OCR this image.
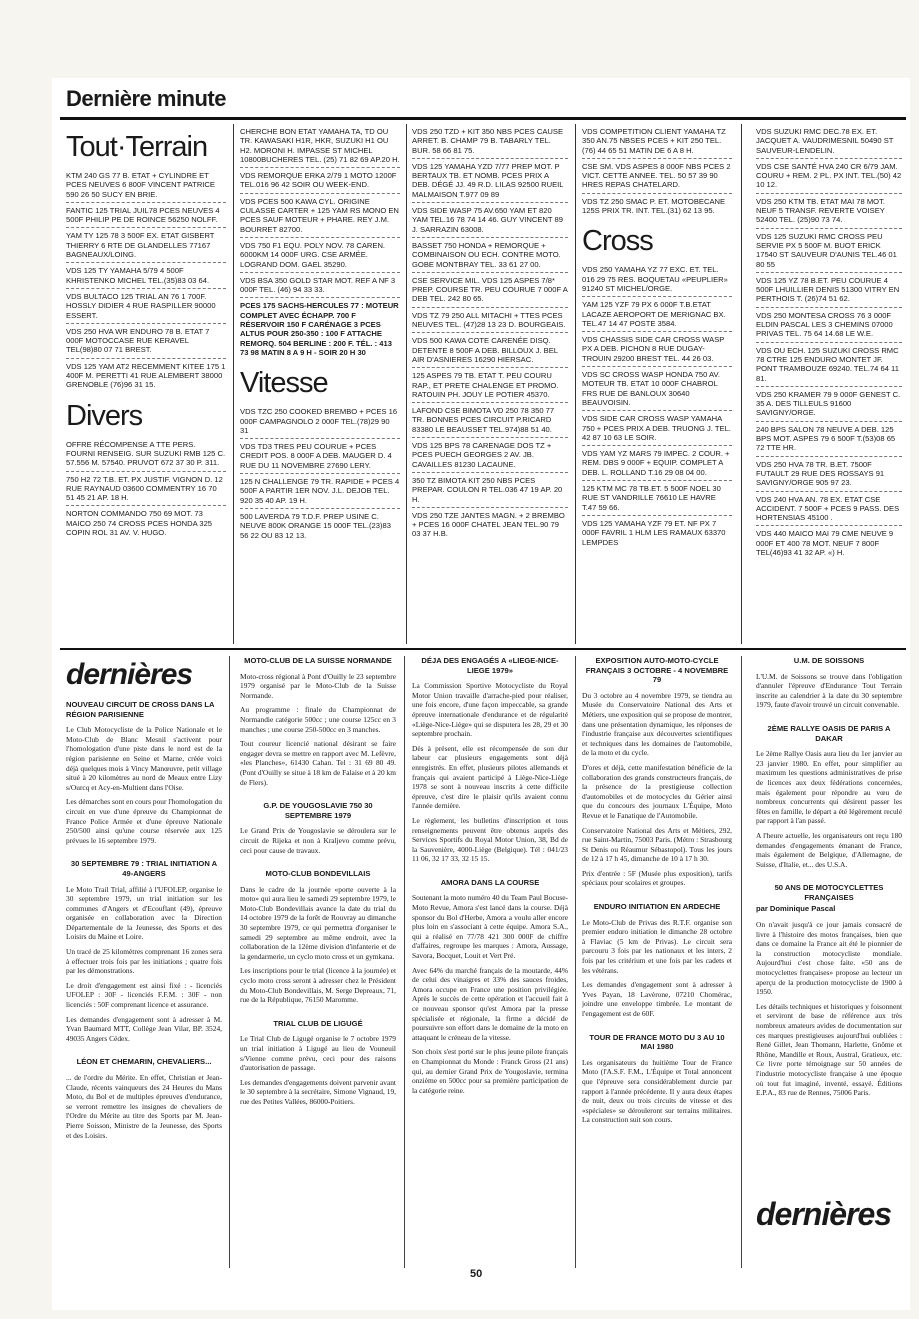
Dernière minute
Tout·Terrain
KTM 240 GS 77 B. ETAT + CYLINDRE ET PCES NEUVES 6 800F VINCENT PATRICE 590 26 50 SUCY EN BRIE.
FANTIC 125 TRIAL JUIL78 PCES NEUVES 4 500F PHILIP PE DE ROINCE 56250 NOLFF.
YAM TY 125 78 3 500F EX. ETAT GISBERT THIERRY 6 RTE DE GLANDELLES 77167 BAGNEAUX/LOING.
VDS 125 TY YAMAHA 5/79 4 500F KHRISTENKO MICHEL TEL.(35)83 03 64.
VDS BULTACO 125 TRIAL AN 76 1 700F. HOSSLY DIDIER 4 RUE RASPILLER 90000 ESSERT.
VDS 250 HVA WR ENDURO 78 B. ETAT 7 000F MOTOCCASE RUE KERAVEL TEL(98)80 07 71 BREST.
VDS 125 YAM AT2 RECEMMENT KITEE 175 1 400F M. PERETTI 41 RUE ALEMBERT 38000 GRENOBLE (76)96 31 15.
Divers
OFFRE RÉCOMPENSE A TTE PERS. FOURNI RENSEIG. SUR SUZUKI RMB 125 C. 57.556 M. 57540. PRUVOT 672 37 30 P. 311.
750 H2 72 T.B. ET. PX JUSTIF. VIGNON D. 12 RUE RAYNAUD 03600 COMMENTRY 16 70 51 45 21 AP. 18 H.
NORTON COMMANDO 750 69 MOT. 73 MAICO 250 74 CROSS PCES HONDA 325 COPIN ROL 31 AV. V. HUGO.
CHERCHE BON ETAT YAMAHA TA, TD OU TR. KAWASAKI H1R, HKR, SUZUKI H1 OU H2. MORONI H. IMPASSE ST MICHEL 10800BUCHERES TEL. (25) 71 82 69 AP.20 H.
VDS REMORQUE ERKA 2/79 1 MOTO 1200F TEL.016 96 42 SOIR OU WEEK-END.
VDS PCES 500 KAWA CYL. ORIGINE CULASSE CARTER + 125 YAM RS MONO EN PCES SAUF MOTEUR + PHARE. REY J.M. BOURRET 82700.
VDS 750 F1 EQU. POLY NOV. 78 CAREN. 6000KM 14 000F URG. CSE ARMÉE. LOGRAND DOM. GAEL 35290.
VDS BSA 350 GOLD STAR MOT. REF A NF 3 000F TEL. (46) 94 33 33.
PCES 175 SACHS-HERCULES 77 : MOTEUR COMPLET AVEC ÉCHAPP. 700 F RÉSERVOIR 150 F CARÉNAGE 3 PCES ALTUS POUR 250-350 : 100 F ATTACHE REMORQ. 504 BERLINE : 200 F. TÉL. : 413 73 98 MATIN 8 A 9 H - SOIR 20 H 30
Vitesse
VDS TZC 250 COOKED BREMBO + PCES 16 000F CAMPAGNOLO 2 000F TEL.(78)29 90 31
VDS TD3 TRES PEU COURUE + PCES CREDIT POS. 8 000F A DEB. MAUGER D. 4 RUE DU 11 NOVEMBRE 27690 LERY.
125 N CHALLENGE 79 TR. RAPIDE + PCES 4 500F A PARTIR 1ER NOV. J.L. DEJOB TEL. 920 35 40 AP. 19 H.
500 LAVERDA 79 T.D.F. PREP USINE C. NEUVE 800K ORANGE 15 000F TEL.(23)83 56 22 OU 83 12 13.
VDS 250 TZD + KIT 350 NBS PCES CAUSE ARRET. B. CHAMP 79 B. TABARLY TEL. BUR. 58 66 81 75.
VDS 125 YAMAHA YZD 7/77 PREP MOT. P BERTAUX TB. ET NOMB. PCES PRIX A DEB. DÉGÉ JJ. 49 R.D. LILAS 92500 RUEIL MALMAISON T.977 09 89
VDS SIDE WASP 75 AV.650 YAM ET 820 YAM TEL.16 78 74 14 46. GUY VINCENT 89 J. SARRAZIN 63008.
BASSET 750 HONDA + REMORQUE + COMBINAISON OU ECH. CONTRE MOTO. GOBE MONTBRAY TEL. 33 61 27 00.
CSE SERVICE MIL. VDS 125 ASPES 7/8* PREP. COURSE TR. PEU COURUE 7 000F A DEB TEL. 242 80 65.
VDS TZ 79 250 ALL MITACHI + TTES PCES NEUVES TEL. (47)28 13 23 D. BOURGEAIS.
VDS 500 KAWA COTE CARENÉE DISQ. DETENTE 8 500F A DEB. BILLOUX J. BEL AIR D'ASNIERES 16290 HIERSAC.
125 ASPES 79 TB. ETAT T. PEU COURU RAP., ET PRETE CHALENGE ET PROMO. RATOUIN PH. JOUY LE POTIER 45370.
LAFOND CSE BIMOTA VD 250 78 350 77 TR. BONNES PCES CIRCUIT P.RICARD 83380 LE BEAUSSET TEL.974)88 51 40.
VDS 125 BPS 78 CARENAGE DOS TZ + PCES PUECH GEORGES 2 AV. JB. CAVAILLES 81230 LACAUNE.
350 TZ BIMOTA KIT 250 NBS PCES PREPAR. COULON R TEL.036 47 19 AP. 20 H.
VDS 250 TZE JANTES MAGN. + 2 BREMBO + PCES 16 000F CHATEL JEAN TEL.90 79 03 37 H.B.
VDS COMPETITION CLIENT YAMAHA TZ 350 AN.75 NBSES PCES + KIT 250 TEL.(76) 44 65 51 MATIN DE 6 A 8 H.
CSE SM. VDS ASPES 8 000F NBS PCES 2 VICT. CETTE ANNEE. TEL. 50 57 39 90 HRES REPAS CHATELARD.
VDS TZ 250 SMAC P. ET. MOTOBECANE 125S PRIX TR. INT. TEL.(31) 62 13 95.
Cross
VDS 250 YAMAHA YZ 77 EXC. ET. TEL. 016 29 75 RES. BOQUETAU «PEUPLIER» 91240 ST MICHEL/ORGE.
YAM 125 YZF 79 PX 6 000F T.B.ETAT LACAZE AEROPORT DE MERIGNAC BX. TEL.47 14 47 POSTE 3584.
VDS CHASSIS SIDE CAR CROSS WASP PX A DEB. PICHON 8 RUE DUGAY-TROUIN 29200 BREST TEL. 44 26 03.
VDS SC CROSS WASP HONDA 750 AV. MOTEUR TB. ETAT 10 000F CHABROL FRS RUE DE BANLOUX 30640 BEAUVOISIN.
VDS SIDE CAR CROSS WASP YAMAHA 750 + PCES PRIX A DEB. TRUONG J. TEL. 42 87 10 63 LE SOIR.
VDS YAM YZ MARS 79 IMPEC. 2 COUR. + REM. DBS 9 000F + EQUIP. COMPLET A DEB. L. ROLLAND T.16 29 08 04 00.
125 KTM MC 78 TB.ET. 5 500F NOEL 30 RUE ST VANDRILLE 76610 LE HAVRE T.47 59 66.
VDS 125 YAMAHA YZF 79 ET. NF PX 7 000F FAVRIL 1 HLM LES RAMAUX 63370 LEMPDES
VDS SUZUKI RMC DEC.78 EX. ET. JACQUET A. VAUDRIMESNIL 50490 ST SAUVEUR-LENDELIN.
VDS CSE SANTÉ HVA 240 CR 6/79 JAM. COURU + REM. 2 PL. PX INT. TEL.(50) 42 10 12.
VDS 250 KTM TB. ETAT MAI 78 MOT. NEUF 5 TRANSF. REVERTE VOISEY 52400 TEL. (25)90 73 74.
VDS 125 SUZUKI RMC CROSS PEU SERVIE PX 5 500F M. BUOT ERICK 17540 ST SAUVEUR D'AUNIS TEL.46 01 80 55
VDS 125 YZ 78 B.ET. PEU COURUE 4 500F LHUILLIER DENIS 51300 VITRY EN PERTHOIS T. (26)74 51 62.
VDS 250 MONTESA CROSS 76 3 000F ELDIN PASCAL LES 3 CHEMINS 07000 PRIVAS TEL. 75 64 14.68 LE W.E.
VDS OU ECH. 125 SUZUKI CROSS RMC 78 CTRE 125 ENDURO MONTET JF. PONT TRAMBOUZE 69240. TEL.74 64 11 81.
VDS 250 KRAMER 79 9 000F GENEST C. 35 A. DES TILLEULS 91600 SAVIGNY/ORGE.
240 BPS SALON 78 NEUVE A DEB. 125 BPS MOT. ASPES 79 6 500F T.(53)08 65 72 TTE HR.
VDS 250 HVA 78 TR. B.ET. 7500F FUTAULT 29 RUE DES ROSSAYS 91 SAVIGNY/ORGE 905 97 23.
VDS 240 HVA AN. 78 EX. ETAT CSE ACCIDENT. 7 500F + PCES 9 PASS. DES HORTENSIAS 45100 .
VDS 440 MAICO MAI 79 CME NEUVE 9 000F ET 400 78 MOT. NEUF 7 800F TEL(46)93 41 32 AP. «) H.
dernières
NOUVEAU CIRCUIT DE CROSS DANS LA RÉGION PARISIENNE

Le Club Motocycliste de la Police Nationale et le Moto-Club de Blanc Mesnil s'activent pour l'homologation d'une piste dans le nord est de la région parisienne en Seine et Marne, créée voici déjà quelques mois à Vincy Manœuvre, petit village situé à 20 kilomètres au nord de Meaux entre Lizy s/Ourcq et Acy-en-Multient dans l'Oise.

Les démarches sont en cours pour l'homologation du circuit en vue d'une épreuve du Championnat de France Police Armée et d'une épreuve Nationale 250/500 ainsi qu'une course réservée aux 125 prévues le 16 septembre 1979.

30 SEPTEMBRE 79 : TRIAL INITIATION A 49-ANGERS

Le Moto Trail Trial, affilié à l'UFOLEP, organise le 30 septembre 1979, un trial initiation sur les communes d'Angers et d'Ecouflant (49), épreuve organisée en collaboration avec la Direction Départementale de la Jeunesse, des Sports et des Loisirs du Maine et Loire.

Un tracé de 25 kilomètres comprenant 16 zones sera à effectuer trois fois par les initiations ; quatre fois par les démonstrations.

Le droit d'engagement est ainsi fixé : - licenciés UFOLEP : 30F - licenciés F.F.M. : 30F - non licenciés : 50F comprenant licence et assurance.

Les demandes d'engagement sont à adresser à M. Yvan Baumard MTT, Collège Jean Vilar, BP. 3524, 49035 Angers Cédex.

LÉON ET CHEMARIN, CHEVALIERS...

... de l'ordre du Mérite. En effet, Christian et Jean-Claude, récents vainqueurs des 24 Heures du Mans Moto, du Bol et de multiples épreuves d'endurance, se verront remettre les insignes de chevaliers de l'Ordre du Mérite au titre des Sports par M. Jean-Pierre Soisson, Ministre de la Jeunesse, des Sports et des Loisirs.

MOTO-CLUB DE LA SUISSE NORMANDE

Moto-cross régional à Pont d'Ouilly le 23 septembre 1979 organisé par le Moto-Club de la Suisse Normande.

Au programme : finale du Championnat de Normandie catégorie 500cc ; une course 125cc en 3 manches ; une course 250-500cc en 3 manches.

Tout coureur licencié national désirant se faire engager devra se mettre en rapport avec M. Lefèvre, «les Planches», 61430 Cahan. Tel : 31 69 80 49. (Pont d'Ouilly se situe à 18 km de Falaise et à 20 km de Flers).

G.P. DE YOUGOSLAVIE 750 30 SEPTEMBRE 1979

Le Grand Prix de Yougoslavie se déroulera sur le circuit de Rijeka et non à Kraljevo comme prévu, ceci pour cause de travaux.

MOTO-CLUB BONDEVILLAIS

Dans le cadre de la journée «porte ouverte à la moto» qui aura lieu le samedi 29 septembre 1979, le Moto-Club Bondevillais avance la date du trial du 14 octobre 1979 de la forêt de Rouvray au dimanche 30 septembre 1979, ce qui permettra d'organiser le samedi 29 septembre au même endroit, avec la collaboration de la 12ème division d'infanterie et de la gendarmerie, un cyclo moto cross et un gymkana.

Les inscriptions pour le trial (licence à la journée) et cyclo moto cross seront à adresser chez le Président du Moto-Club Bondevillais, M. Serge Depreaux, 71, rue de la République, 76150 Maromme.

TRIAL CLUB DE LIGUGÉ

Le Trial Club de Ligugé organise le 7 octobre 1979 un trial initiation à Ligugé au lieu de Vouneuil s/Vienne comme prévu, ceci pour des raisons d'autorisation de passage.

Les demandes d'engagements doivent parvenir avant le 30 septembre à la secrétaire, Simone Vignaud, 19, rue des Petites Vallées, 86000-Poitiers.

DÉJA DES ENGAGÉS A «LIEGE-NICE-LIEGE 1979»

La Commission Sportive Motocycliste du Royal Motor Union travaille d'arrache-pied pour réaliser, une fois encore, d'une façon impeccable, sa grande épreuve internationale d'endurance et de régularité «Liège-Nice-Liège» qui se disputera les 28, 29 et 30 septembre prochain.

Dès à présent, elle est récompensée de son dur labeur car plusieurs engagements sont déjà enregistrés. En effet, plusieurs pilotes allemands et français qui avaient participé à Liège-Nice-Liège 1978 se sont à nouveau inscrits à cette difficile épreuve, c'est dire le plaisir qu'ils avaient connu l'année dernière.

Le règlement, les bulletins d'inscription et tous renseignements peuvent être obtenus auprès des Services Sportifs du Royal Motor Union, 38, Bd de la Sauvenière, 4000-Liège (Belgique). Tél : 041/23 11 06, 32 17 33, 32 15 15.

AMORA DANS LA COURSE

Soutenant la moto numéro 40 du Team Paul Bocuse-Moto Revue, Amora s'est lancé dans la course. Déjà sponsor du Bol d'Herbe, Amora a voulu aller encore plus loin en s'associant à cette équipe. Amora S.A., qui a réalisé en 77/78 421 300 000F de chiffre d'affaires, regroupe les marques : Amora, Aussage, Savora, Bocquet, Louit et Vert Pré.

Avec 64% du marché français de la moutarde, 44% de celui des vinaigres et 33% des sauces froides, Amora occupe en France une position privilégiée. Après le succès de cette opération et l'accueil fait à ce nouveau sponsor qu'est Amora par la presse spécialisée et régionale, la firme a décidé de poursuivre son effort dans le domaine de la moto en attaquant le créneau de la vitesse.

Son choix s'est porté sur le plus jeune pilote français en Championnat du Monde : Franck Gross (21 ans) qui, au dernier Grand Prix de Yougoslavie, termina onzième en 500cc pour sa première participation de la catégorie reine.

EXPOSITION AUTO-MOTO-CYCLE FRANÇAIS 3 OCTOBRE - 4 NOVEMBRE 79

Du 3 octobre au 4 novembre 1979, se tiendra au Musée du Conservatoire National des Arts et Métiers, une exposition qui se propose de montrer, dans une présentation dynamique, les réponses de l'industrie française aux découvertes scientifiques et techniques dans les domaines de l'automobile, de la moto et du cycle.

D'ores et déjà, cette manifestation bénéficie de la collaboration des grands constructeurs français, de la présence de la prestigieuse collection d'automobiles et de motocycles du Gérier ainsi que du concours des journaux L'Équipe, Moto Revue et le Fanatique de l'Automobile.

Conservatoire National des Arts et Métiers, 292, rue Saint-Martin, 75003 Paris. (Métro : Strasbourg St Denis ou Réaumur Sébastopol). Tous les jours de 12 à 17 h 45, dimanche de 10 à 17 h 30.

Prix d'entrée : 5F (Musée plus exposition), tarifs spéciaux pour scolaires et groupes.

ENDURO INITIATION EN ARDECHE

Le Moto-Club de Privas des R.T.F. organise son premier enduro initiation le dimanche 28 octobre à Flaviac (5 km de Privas). Le circuit sera parcouru 3 fois par les nationaux et les inters, 2 fois par les critérium et une fois par les cadets et les vétérans.

Les demandes d'engagement sont à adresser à Yves Payan, 18 Lavèrone, 07210 Chomérac, joindre une enveloppe timbrée. Le montant de l'engagement est de 60F.

TOUR DE FRANCE MOTO DU 3 AU 10 MAI 1980

Les organisateurs du huitième Tour de France Moto (l'A.S.F. F.M., L'Équipe et Total annoncent que l'épreuve sera considérablement durcie par rapport à l'année précédente. Il y aura deux étapes de nuit, deux ou trois circuits de vitesse et des «spéciales» se dérouleront sur terrains militaires. La construction suit son cours.

U.M. DE SOISSONS

L'U.M. de Soissons se trouve dans l'obligation d'annuler l'épreuve d'Endurance Tout Terrain inscrite au calendrier à la date du 30 septembre 1979, faute d'avoir trouvé un circuit convenable.

2ÈME RALLYE OASIS DE PARIS A DAKAR

Le 2ème Rallye Oasis aura lieu du 1er janvier au 23 janvier 1980. En effet, pour simplifier au maximum les questions administratives de prise de licences aux deux fédérations concernées, mais également pour répondre au vœu de nombreux concurrents qui désirent passer les fêtes en famille, le départ a été légèrement reculé par rapport à l'an passé.

A l'heure actuelle, les organisateurs ont reçu 180 demandes d'engagements émanant de France, mais également de Belgique, d'Allemagne, de Suisse, d'Italie, et... des U.S.A.

50 ANS DE MOTOCYCLETTES FRANÇAISES
par Dominique Pascal

On n'avait jusqu'à ce jour jamais consacré de livre à l'histoire des motos françaises, bien que dans ce domaine la France ait été le pionnier de la construction motocycliste mondiale. Aujourd'hui c'est chose faite. «50 ans de motocyclettes françaises» propose au lecteur un aperçu de la production motocycliste de 1900 à 1950.

Les détails techniques et historiques y foisonnent et serviront de base de référence aux très nombreux amateurs avides de documentation sur ces marques prestigieuses aujourd'hui oubliées : René Gillet, Jean Thomann, Harlette, Gnôme et Rhône, Mandille et Roux, Austral, Gratieux, etc. Ce livre porte témoignage sur 50 années de l'industrie motocycliste française à une époque où tout fut imaginé, inventé, essayé. Éditions E.P.A., 83 rue de Rennes, 75006 Paris.

dernières
50
